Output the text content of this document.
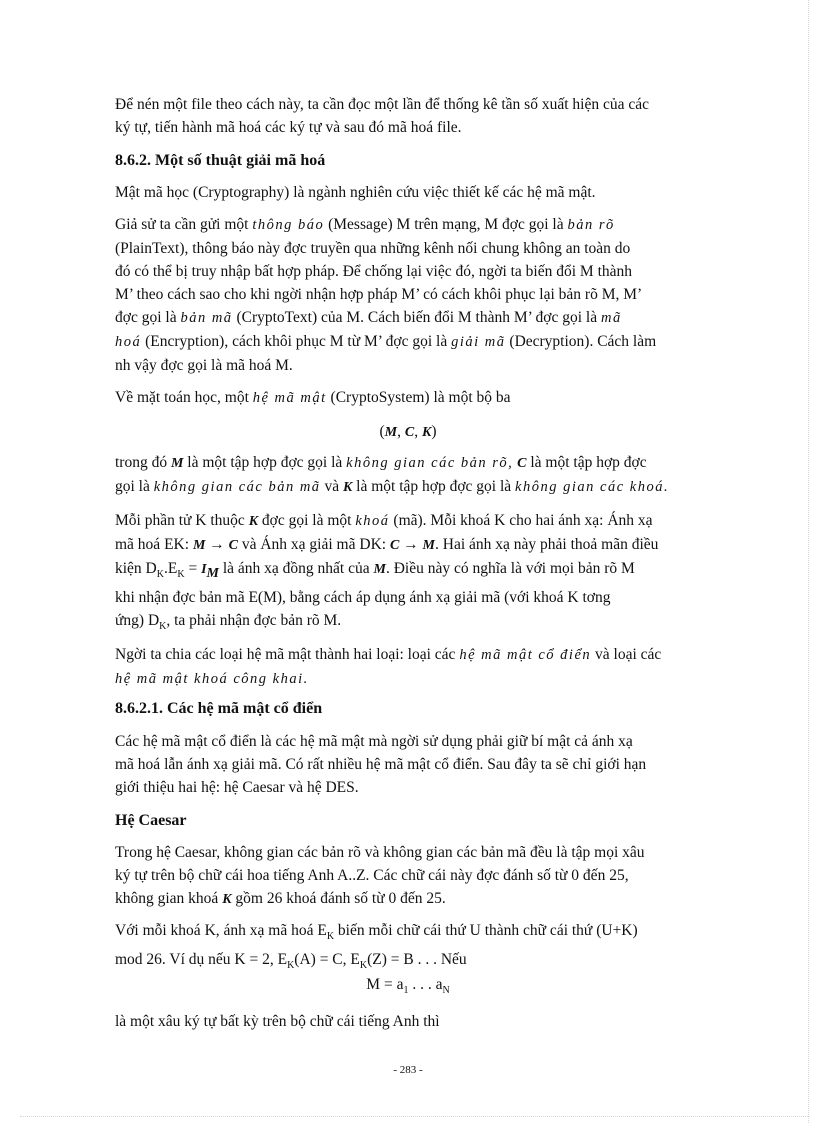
Để nén một file theo cách này, ta cần đọc một lần để thống kê tần số xuất hiện của các
ký tự, tiến hành mã hoá các ký tự và sau đó mã hoá file.

8.6.2. Một số thuật giải mã hoá

Mật mã học (Cryptography) là ngành nghiên cứu việc thiết kế các hệ mã mật.

Giả sử ta cần gửi một thông báo (Message) M trên mạng, M đợc gọi là bản rõ
(PlainText), thông báo này đợc truyền qua những kênh nối chung không an toàn do
đó có thể bị truy nhập bất hợp pháp. Để chống lại việc đó, ngời ta biến đổi M thành
M’ theo cách sao cho khi ngời nhận hợp pháp M’ có cách khôi phục lại bản rõ M, M’
đợc gọi là bản mã (CryptoText) của M. Cách biến đổi M thành M’ đợc gọi là mã
hoá (Encryption), cách khôi phục M từ M’ đợc gọi là giải mã (Decryption). Cách làm
nh vậy đợc gọi là mã hoá M.

Về mặt toán học, một hệ mã mật (CryptoSystem) là một bộ ba

(M, C, K)

trong đó M là một tập hợp đợc gọi là không gian các bản rõ, C là một tập hợp đợc
gọi là không gian các bản mã và K là một tập hợp đợc gọi là không gian các khoá.

Mỗi phần tử K thuộc K đợc gọi là một khoá (mã). Mỗi khoá K cho hai ánh xạ: Ánh xạ
mã hoá EK: M → C và Ánh xạ giải mã DK: C → M. Hai ánh xạ này phải thoả mãn điều
kiện $D_K.E_K = I_M$ là ánh xạ đồng nhất của M. Điều này có nghĩa là với mọi bản rõ M
khi nhận đợc bản mã E(M), bằng cách áp dụng ánh xạ giải mã (với khoá K tơng
ứng) $D_K$, ta phải nhận đợc bản rõ M.

Ngời ta chia các loại hệ mã mật thành hai loại: loại các hệ mã mật cổ điển và loại các
hệ mã mật khoá công khai.

8.6.2.1. Các hệ mã mật cổ điển

Các hệ mã mật cổ điển là các hệ mã mật mà ngời sử dụng phải giữ bí mật cả ánh xạ
mã hoá lẫn ánh xạ giải mã. Có rất nhiều hệ mã mật cổ điển. Sau đây ta sẽ chỉ giới hạn
giới thiệu hai hệ: hệ Caesar và hệ DES.

Hệ Caesar

Trong hệ Caesar, không gian các bản rõ và không gian các bản mã đều là tập mọi xâu
ký tự trên bộ chữ cái hoa tiếng Anh A..Z. Các chữ cái này đợc đánh số từ 0 đến 25,
không gian khoá K gồm 26 khoá đánh số từ 0 đến 25.

Với mỗi khoá K, ánh xạ mã hoá $E_K$ biến mỗi chữ cái thứ U thành chữ cái thứ (U+K)
mod 26. Ví dụ nếu K = 2, $E_K(A) = C$, $E_K(Z) = B$ . . . Nếu

$M = a_1$ . . . $a_N$

là một xâu ký tự bất kỳ trên bộ chữ cái tiếng Anh thì

- 283 -
